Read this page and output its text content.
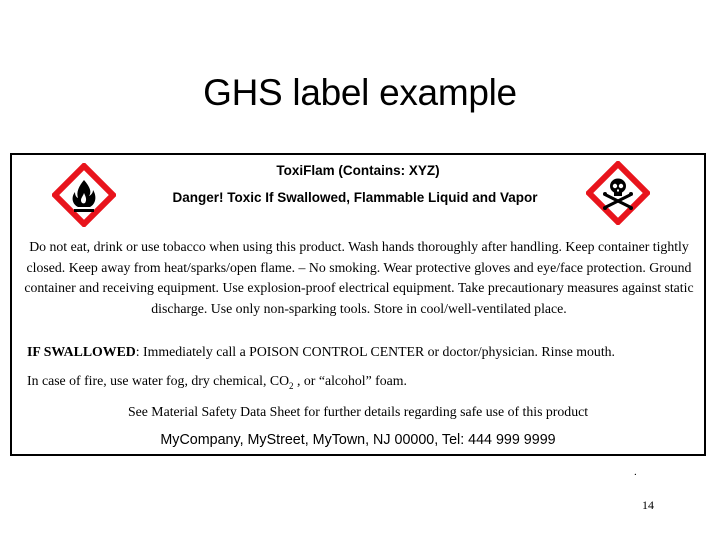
GHS label example
ToxiFlam (Contains: XYZ)
Danger! Toxic If Swallowed, Flammable Liquid and Vapor
Do not eat, drink or use tobacco when using this product. Wash hands thoroughly after handling. Keep container tightly closed. Keep away from heat/sparks/open flame. – No smoking. Wear protective gloves and eye/face protection. Ground container and receiving equipment. Use explosion-proof electrical equipment. Take precautionary measures against static discharge. Use only non-sparking tools. Store in cool/well-ventilated place.
IF SWALLOWED: Immediately call a POISON CONTROL CENTER or doctor/physician. Rinse mouth.
In case of fire, use water fog, dry chemical, $CO_2$ , or “alcohol” foam.
See Material Safety Data Sheet for further details regarding safe use of this product
MyCompany, MyStreet, MyTown, NJ 00000, Tel: 444 999 9999
.
14
